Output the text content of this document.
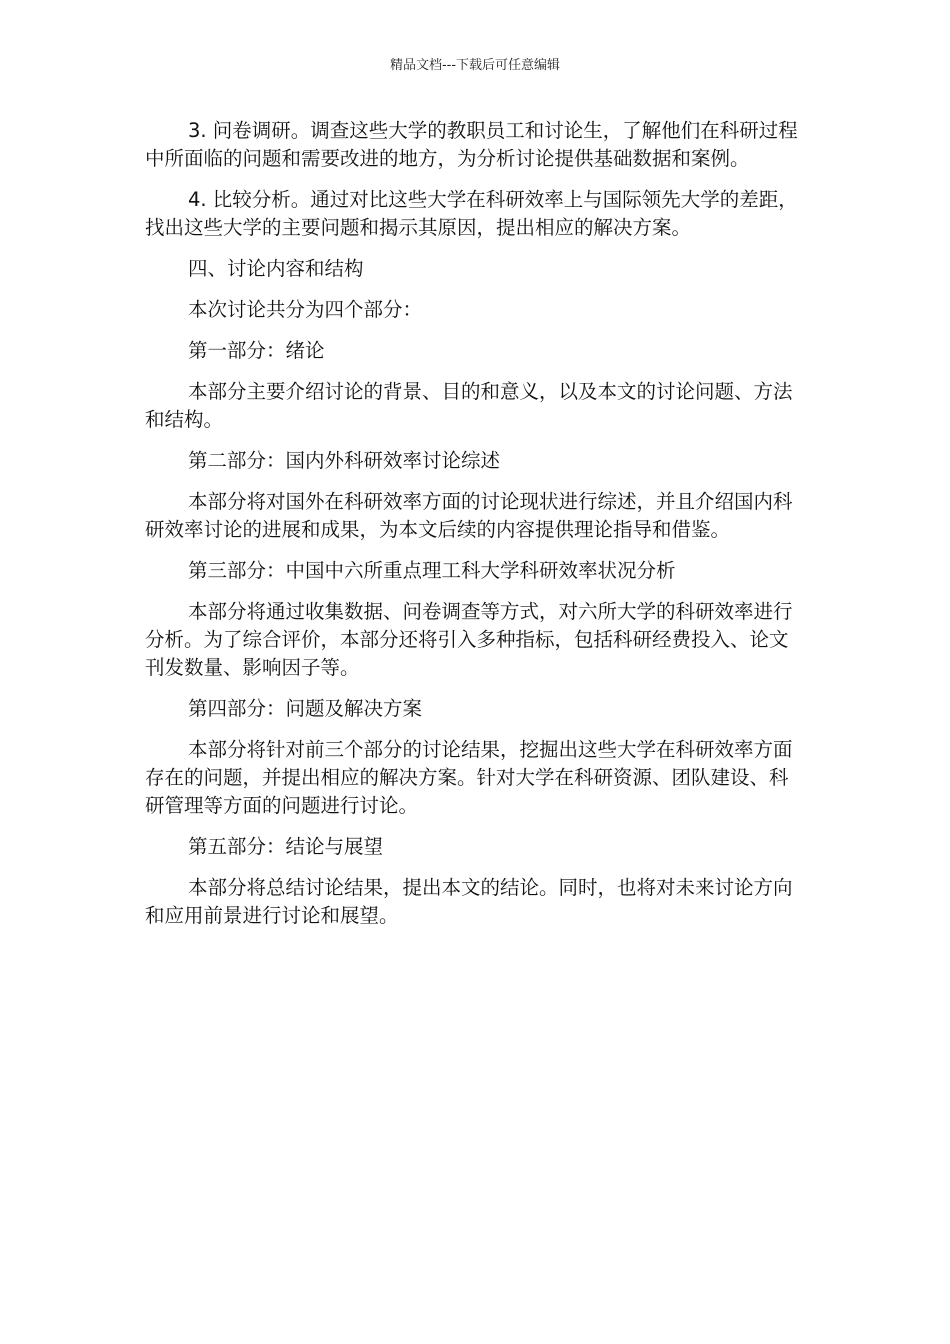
精品文档---下载后可任意编辑

3. 问卷调研。调查这些大学的教职员工和讨论生，了解他们在科研过程中所面临的问题和需要改进的地方，为分析讨论提供基础数据和案例。

4. 比较分析。通过对比这些大学在科研效率上与国际领先大学的差距，找出这些大学的主要问题和揭示其原因，提出相应的解决方案。

四、讨论内容和结构

本次讨论共分为四个部分：

第一部分：绪论

本部分主要介绍讨论的背景、目的和意义，以及本文的讨论问题、方法和结构。

第二部分：国内外科研效率讨论综述

本部分将对国外在科研效率方面的讨论现状进行综述，并且介绍国内科研效率讨论的进展和成果，为本文后续的内容提供理论指导和借鉴。

第三部分：中国中六所重点理工科大学科研效率状况分析

本部分将通过收集数据、问卷调查等方式，对六所大学的科研效率进行分析。为了综合评价，本部分还将引入多种指标，包括科研经费投入、论文刊发数量、影响因子等。

第四部分：问题及解决方案

本部分将针对前三个部分的讨论结果，挖掘出这些大学在科研效率方面存在的问题，并提出相应的解决方案。针对大学在科研资源、团队建设、科研管理等方面的问题进行讨论。

第五部分：结论与展望

本部分将总结讨论结果，提出本文的结论。同时，也将对未来讨论方向和应用前景进行讨论和展望。
